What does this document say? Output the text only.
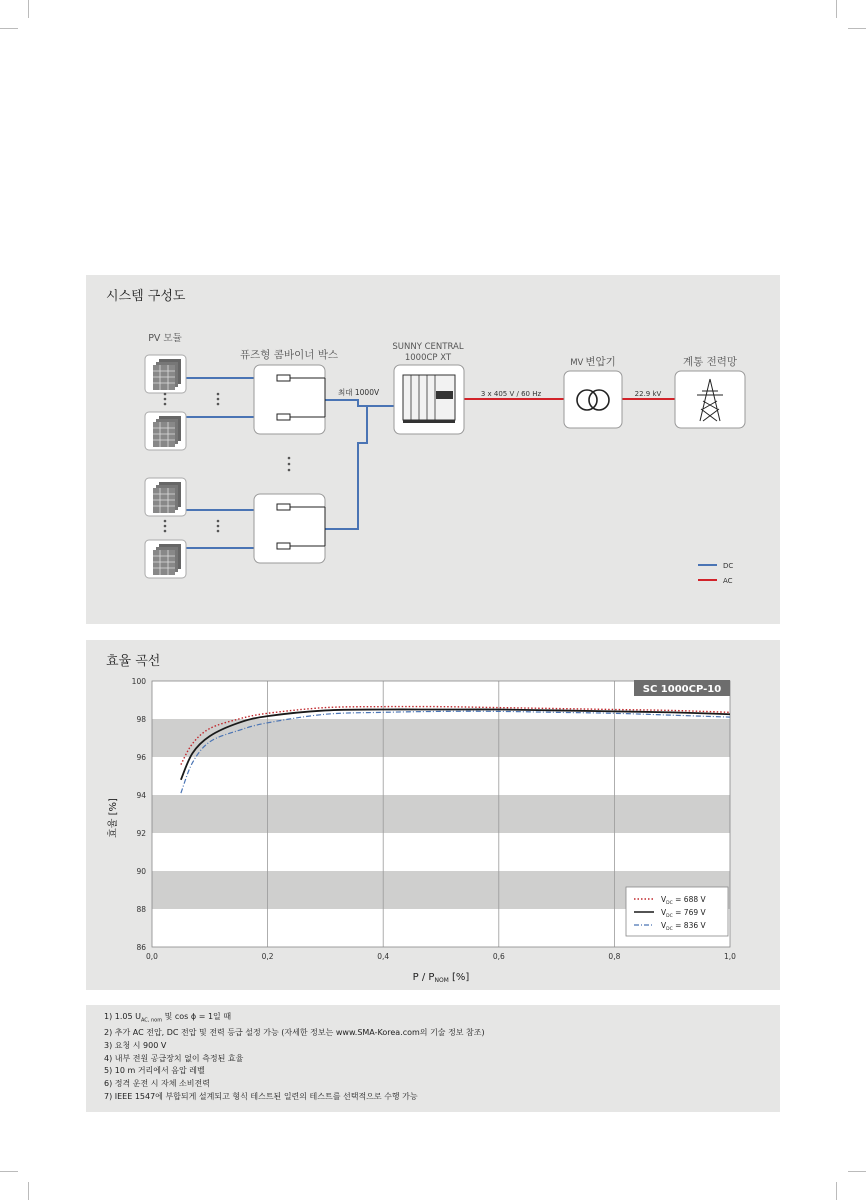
시스템 구성도
PV 모듈
퓨즈형 콤바이너 박스
SUNNY CENTRAL
1000CP XT	MV 변압기	계통 전력망
최대 1000V	3 x 405 V / 60 Hz	22.9 kV
DC
AC
효율 곡선
86
88
90
92
94
96
98
100
0,0	0,2	0,4	0,6	0,8	1,0
SC 1000CP-10
효율 [%]
P / $P_{NOM}$ [%]
$V_{DC} = 688$ V
$V_{DC} = 769$ V
$V_{DC} = 836$ V
1) 1.05 $U_{AC, nom}$ 및 cos ɸ = 1일 때
2) 추가 AC 전압, DC 전압 및 전력 등급 설정 가능 (자세한 정보는 www.SMA-Korea.com의 기술 정보 참조)
3) 요청 시 900 V
4) 내부 전원 공급장치 없이 측정된 효율
5) 10 m 거리에서 음압 레벨
6) 정격 운전 시 자체 소비전력
7) IEEE 1547에 부합되게 설계되고 형식 테스트된 일련의 테스트를 선택적으로 수행 가능
